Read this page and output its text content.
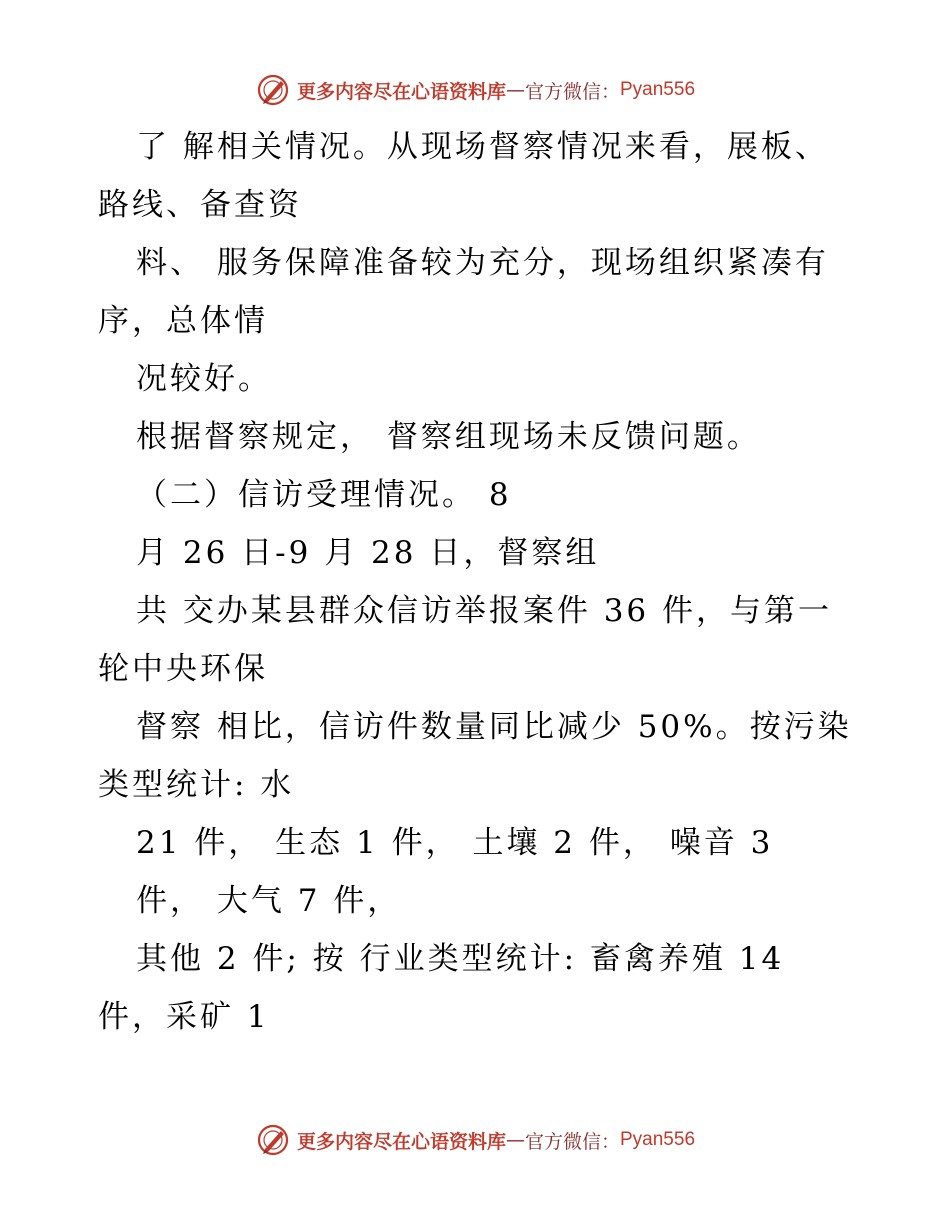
更多内容尽在心语资料库 — 官方微信： Pyan556

了 解相关情况。从现场督察情况来看，展板、
路线、备查资

料、 服务保障准备较为充分，现场组织紧凑有
序，总体情

况较好。

根据督察规定， 督察组现场未反馈问题。

（二）信访受理情况。 8

月 26 日-9 月 28 日，督察组

共 交办某县群众信访举报案件 36 件，与第一
轮中央环保

督察 相比，信访件数量同比减少 50%。按污染
类型统计: 水

21 件， 生态 1 件， 土壤 2 件， 噪音 3

件， 大气 7 件，

其他 2 件; 按 行业类型统计: 畜禽养殖 14
件，采矿 1

更多内容尽在心语资料库 — 官方微信： Pyan556
